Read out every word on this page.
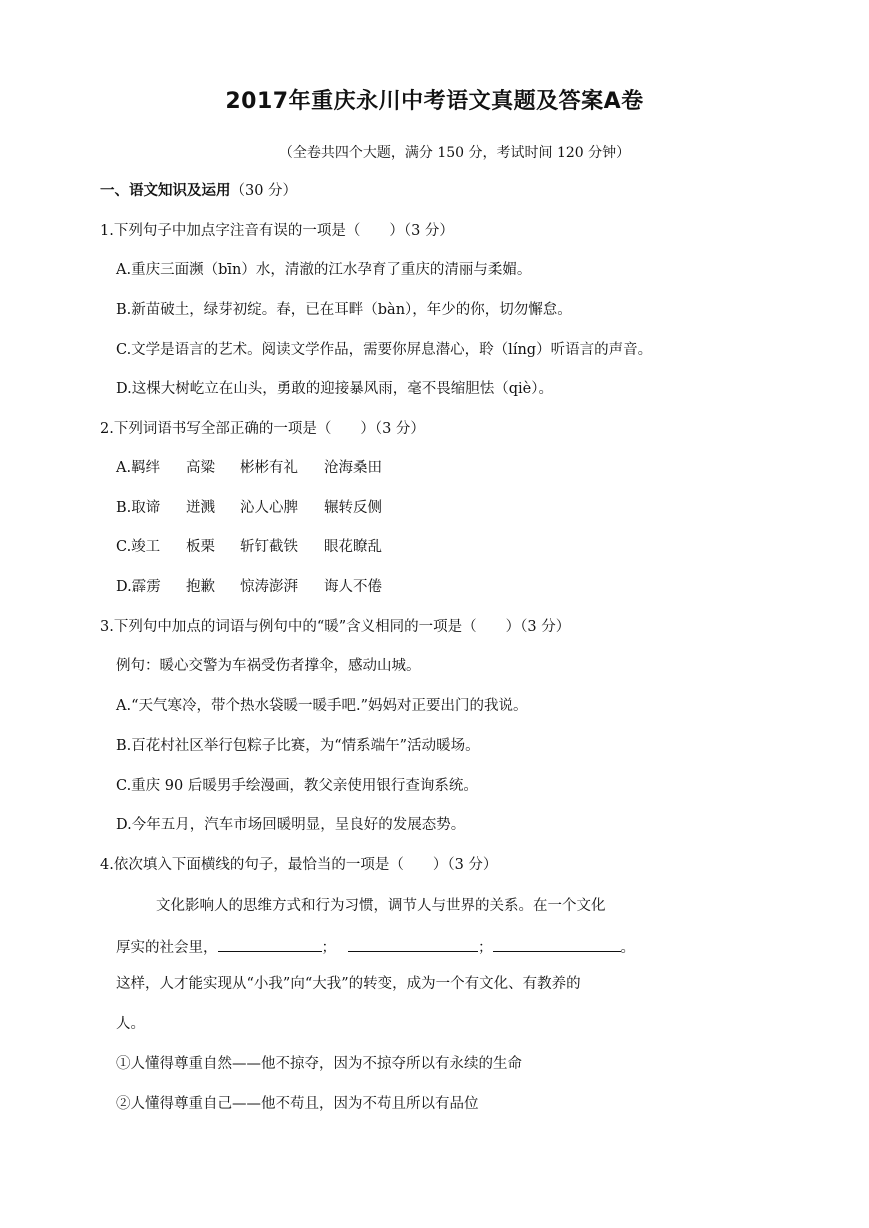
2017年重庆永川中考语文真题及答案A卷
（全卷共四个大题，满分 150 分，考试时间 120 分钟）
一、语文知识及运用（30 分）
1.下列句子中加点字注音有误的一项是（　　）（3 分）
A.重庆三面濒（bīn）水，清澈的江水孕育了重庆的清丽与柔媚。
B.新苗破土，绿芽初绽。春，已在耳畔（bàn），年少的你，切勿懈怠。
C.文学是语言的艺术。阅读文学作品，需要你屏息潜心，聆（líng）听语言的声音。
D.这棵大树屹立在山头，勇敢的迎接暴风雨，毫不畏缩胆怯（qiè）。
2.下列词语书写全部正确的一项是（　　）（3 分）
A.羁绊 高粱 彬彬有礼 沧海桑田
B.取谛 迸溅 沁人心脾 辗转反侧
C.竣工 板栗 斩钉截铁 眼花瞭乱
D.霹雳 抱歉 惊涛澎湃 诲人不倦
3.下列句中加点的词语与例句中的“暖”含义相同的一项是（　　）（3 分）
例句：暖心交警为车祸受伤者撑伞，感动山城。
A.“天气寒冷，带个热水袋暖一暖手吧.”妈妈对正要出门的我说。
B.百花村社区举行包粽子比赛，为“情系端午”活动暖场。
C.重庆 90 后暖男手绘漫画，教父亲使用银行查询系统。
D.今年五月，汽车市场回暖明显，呈良好的发展态势。
4.依次填入下面横线的句子，最恰当的一项是（　　）（3 分）
文化影响人的思维方式和行为习惯，调节人与世界的关系。在一个文化
厚实的社会里，	；	；	。
这样，人才能实现从“小我”向“大我”的转变，成为一个有文化、有教养的
人。
①人懂得尊重自然——他不掠夺，因为不掠夺所以有永续的生命
②人懂得尊重自己——他不苟且，因为不苟且所以有品位
